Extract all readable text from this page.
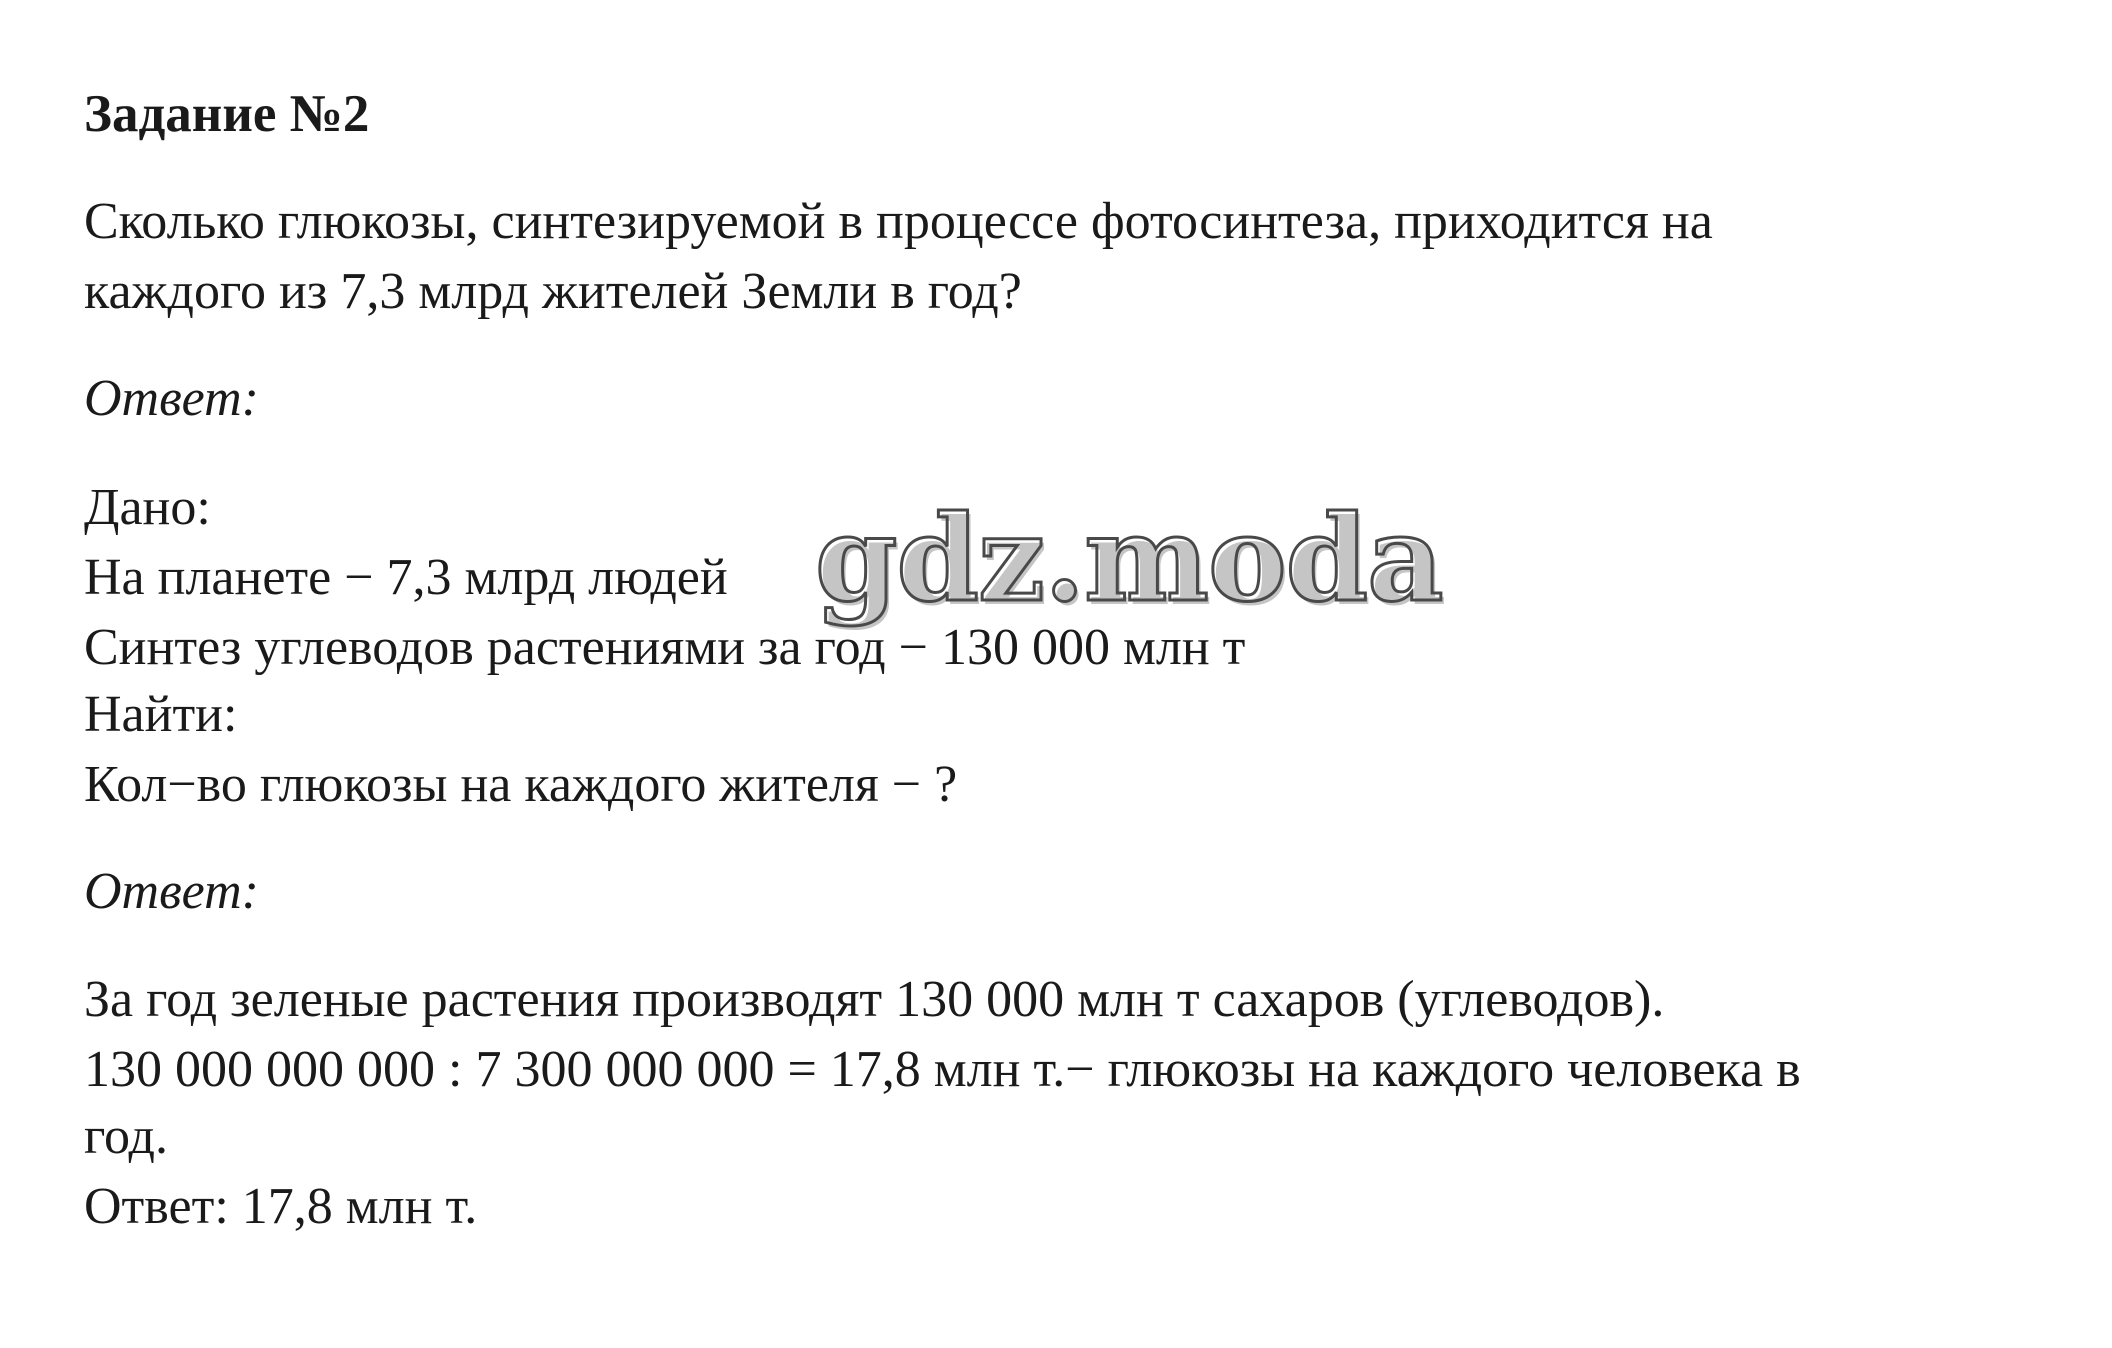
Задание №2
Сколько глюкозы, синтезируемой в процессе фотосинтеза, приходится на
каждого из 7,3 млрд жителей Земли в год?
Ответ:
Дано:
На планете − 7,3 млрд людей
Синтез углеводов растениями за год − 130 000 млн т
Найти:
Кол−во глюкозы на каждого жителя − ?
Ответ:
За год зеленые растения производят 130 000 млн т сахаров (углеводов).
130 000 000 000 : 7 300 000 000 = 17,8 млн т.− глюкозы на каждого человека в
год.
Ответ: 17,8 млн т.
gdz.moda
